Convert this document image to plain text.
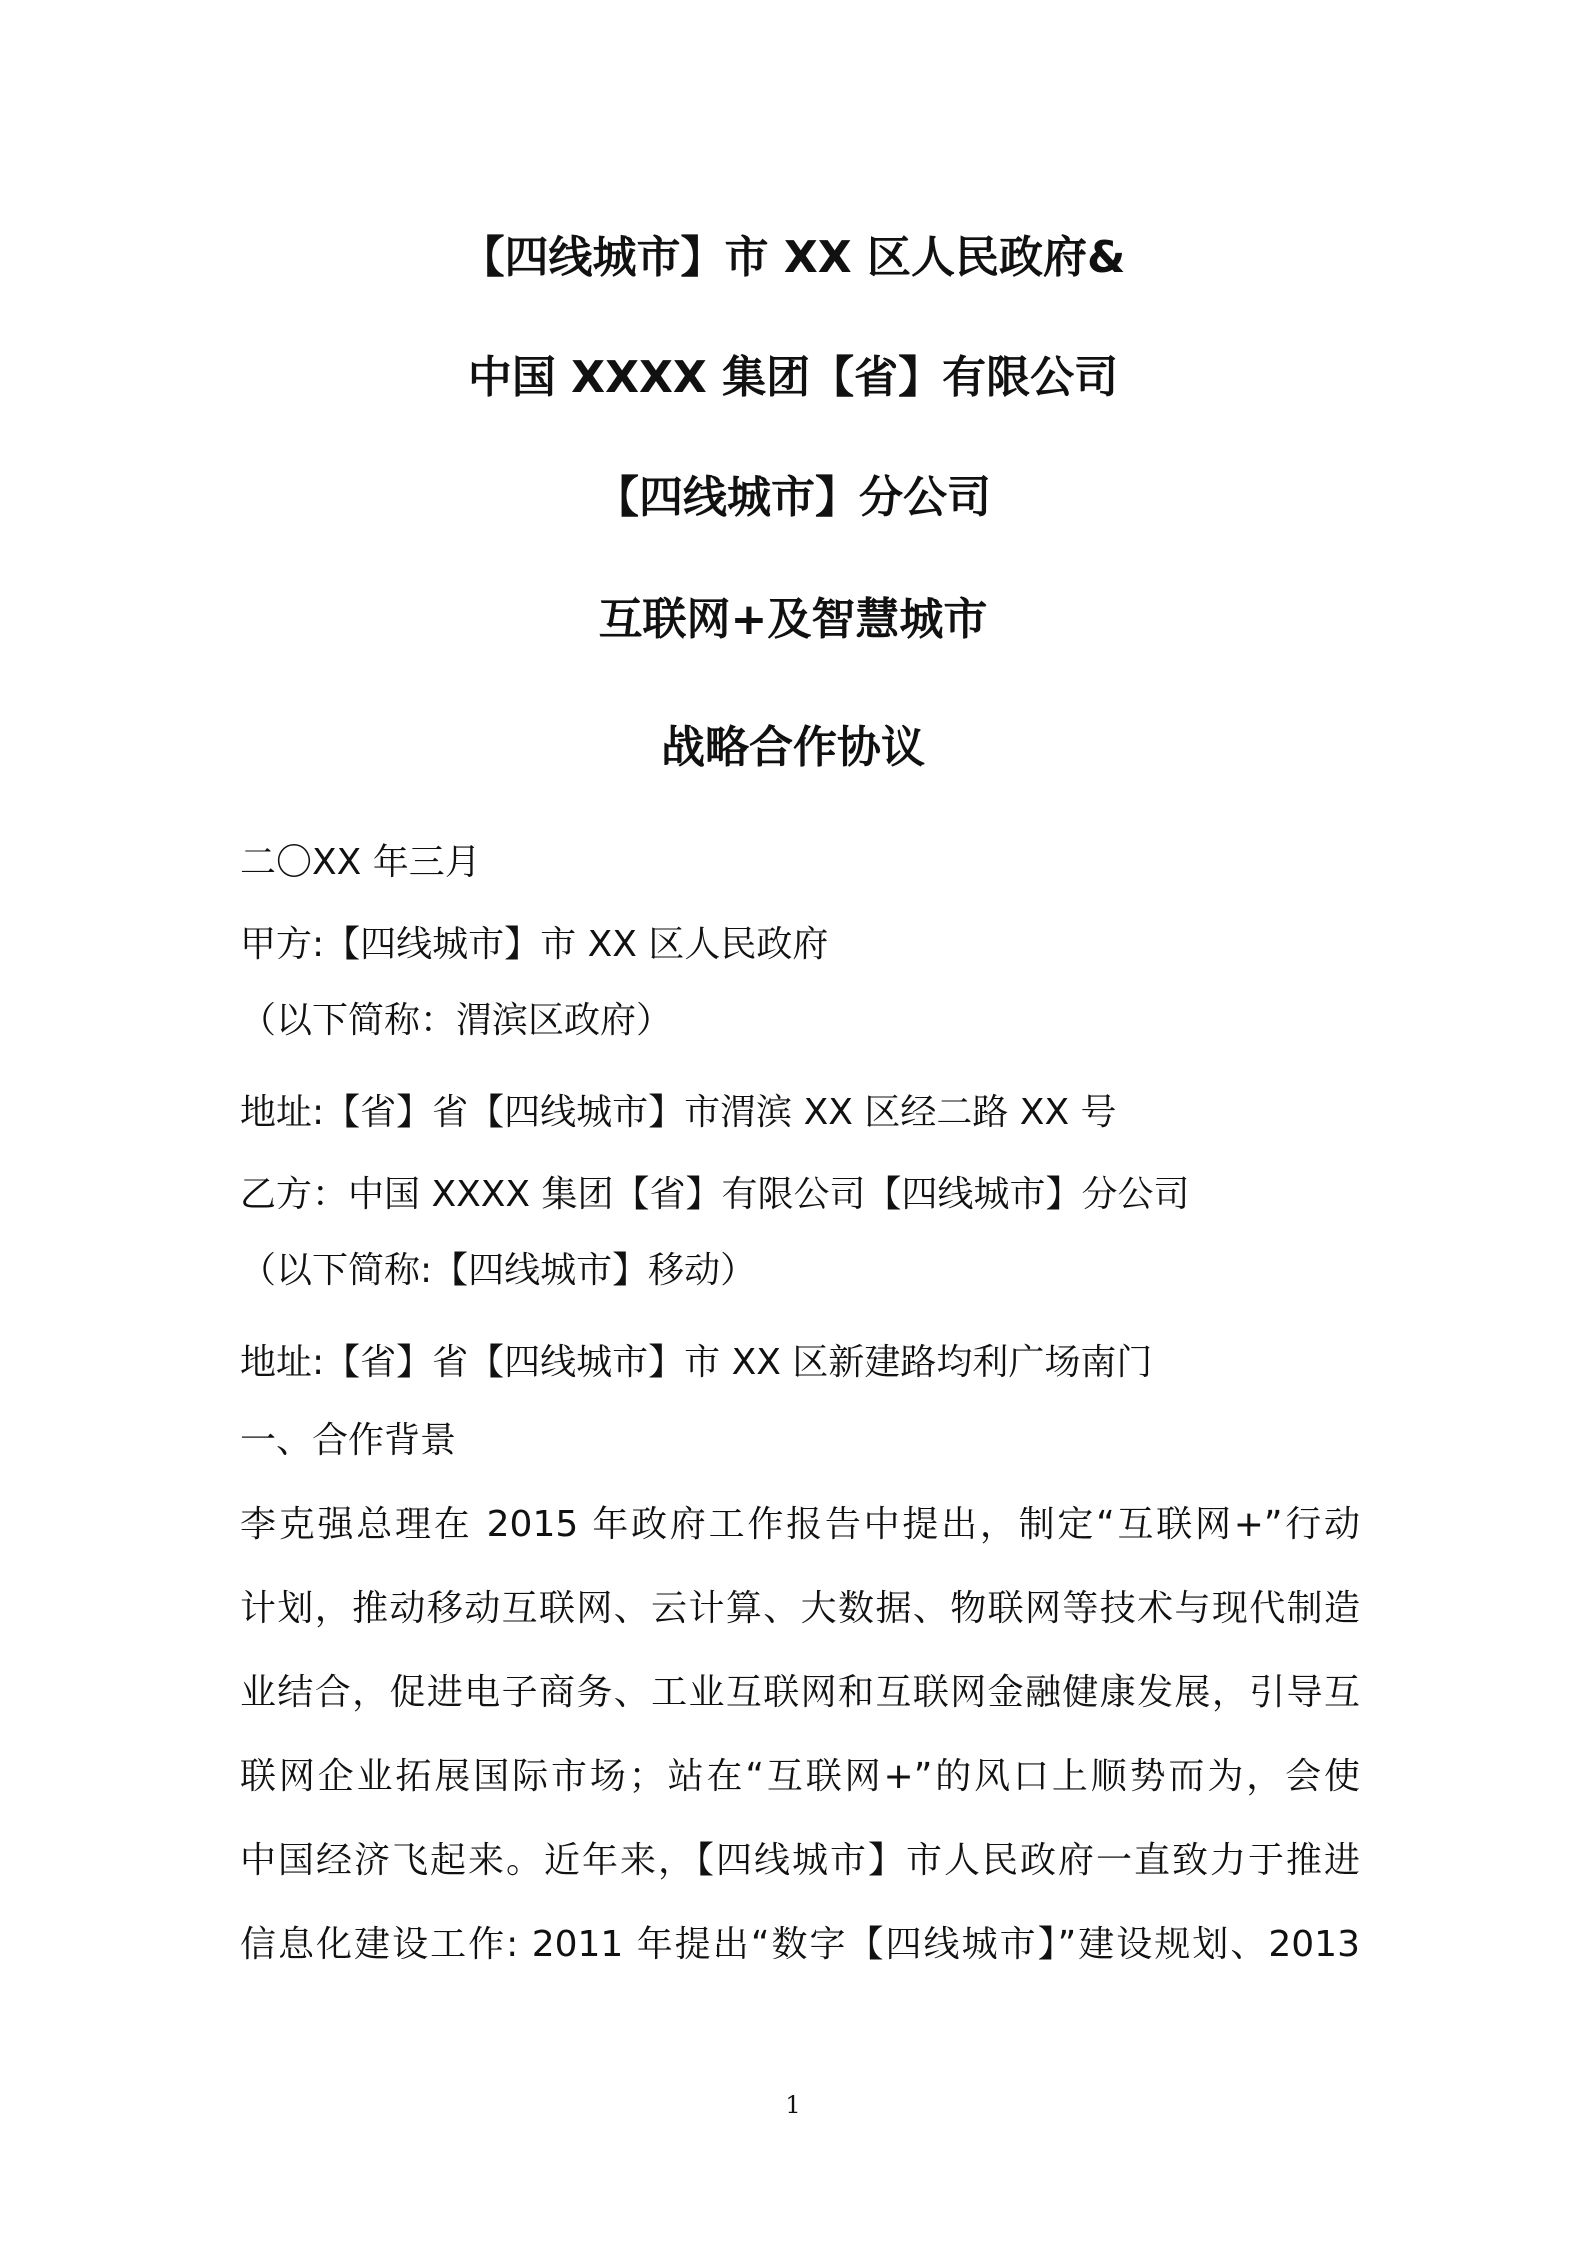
【四线城市】市 XX 区人民政府&
中国 XXXX 集团【省】有限公司
【四线城市】分公司
互联网+及智慧城市
战略合作协议
二〇XX 年三月
甲方:【四线城市】市 XX 区人民政府
（以下简称：渭滨区政府）
地址:【省】省【四线城市】市渭滨 XX 区经二路 XX 号
乙方：中国 XXXX 集团【省】有限公司【四线城市】分公司
（以下简称:【四线城市】移动）
地址:【省】省【四线城市】市 XX 区新建路均利广场南门
一、合作背景
李克强总理在 2015 年政府工作报告中提出，制定“互联网+”行动
计划，推动移动互联网、云计算、大数据、物联网等技术与现代制造
业结合，促进电子商务、工业互联网和互联网金融健康发展，引导互
联网企业拓展国际市场；站在“互联网+”的风口上顺势而为，会使
中国经济飞起来。近年来，【四线城市】市人民政府一直致力于推进
信息化建设工作: 2011 年提出“数字【四线城市】”建设规划、2013
1
